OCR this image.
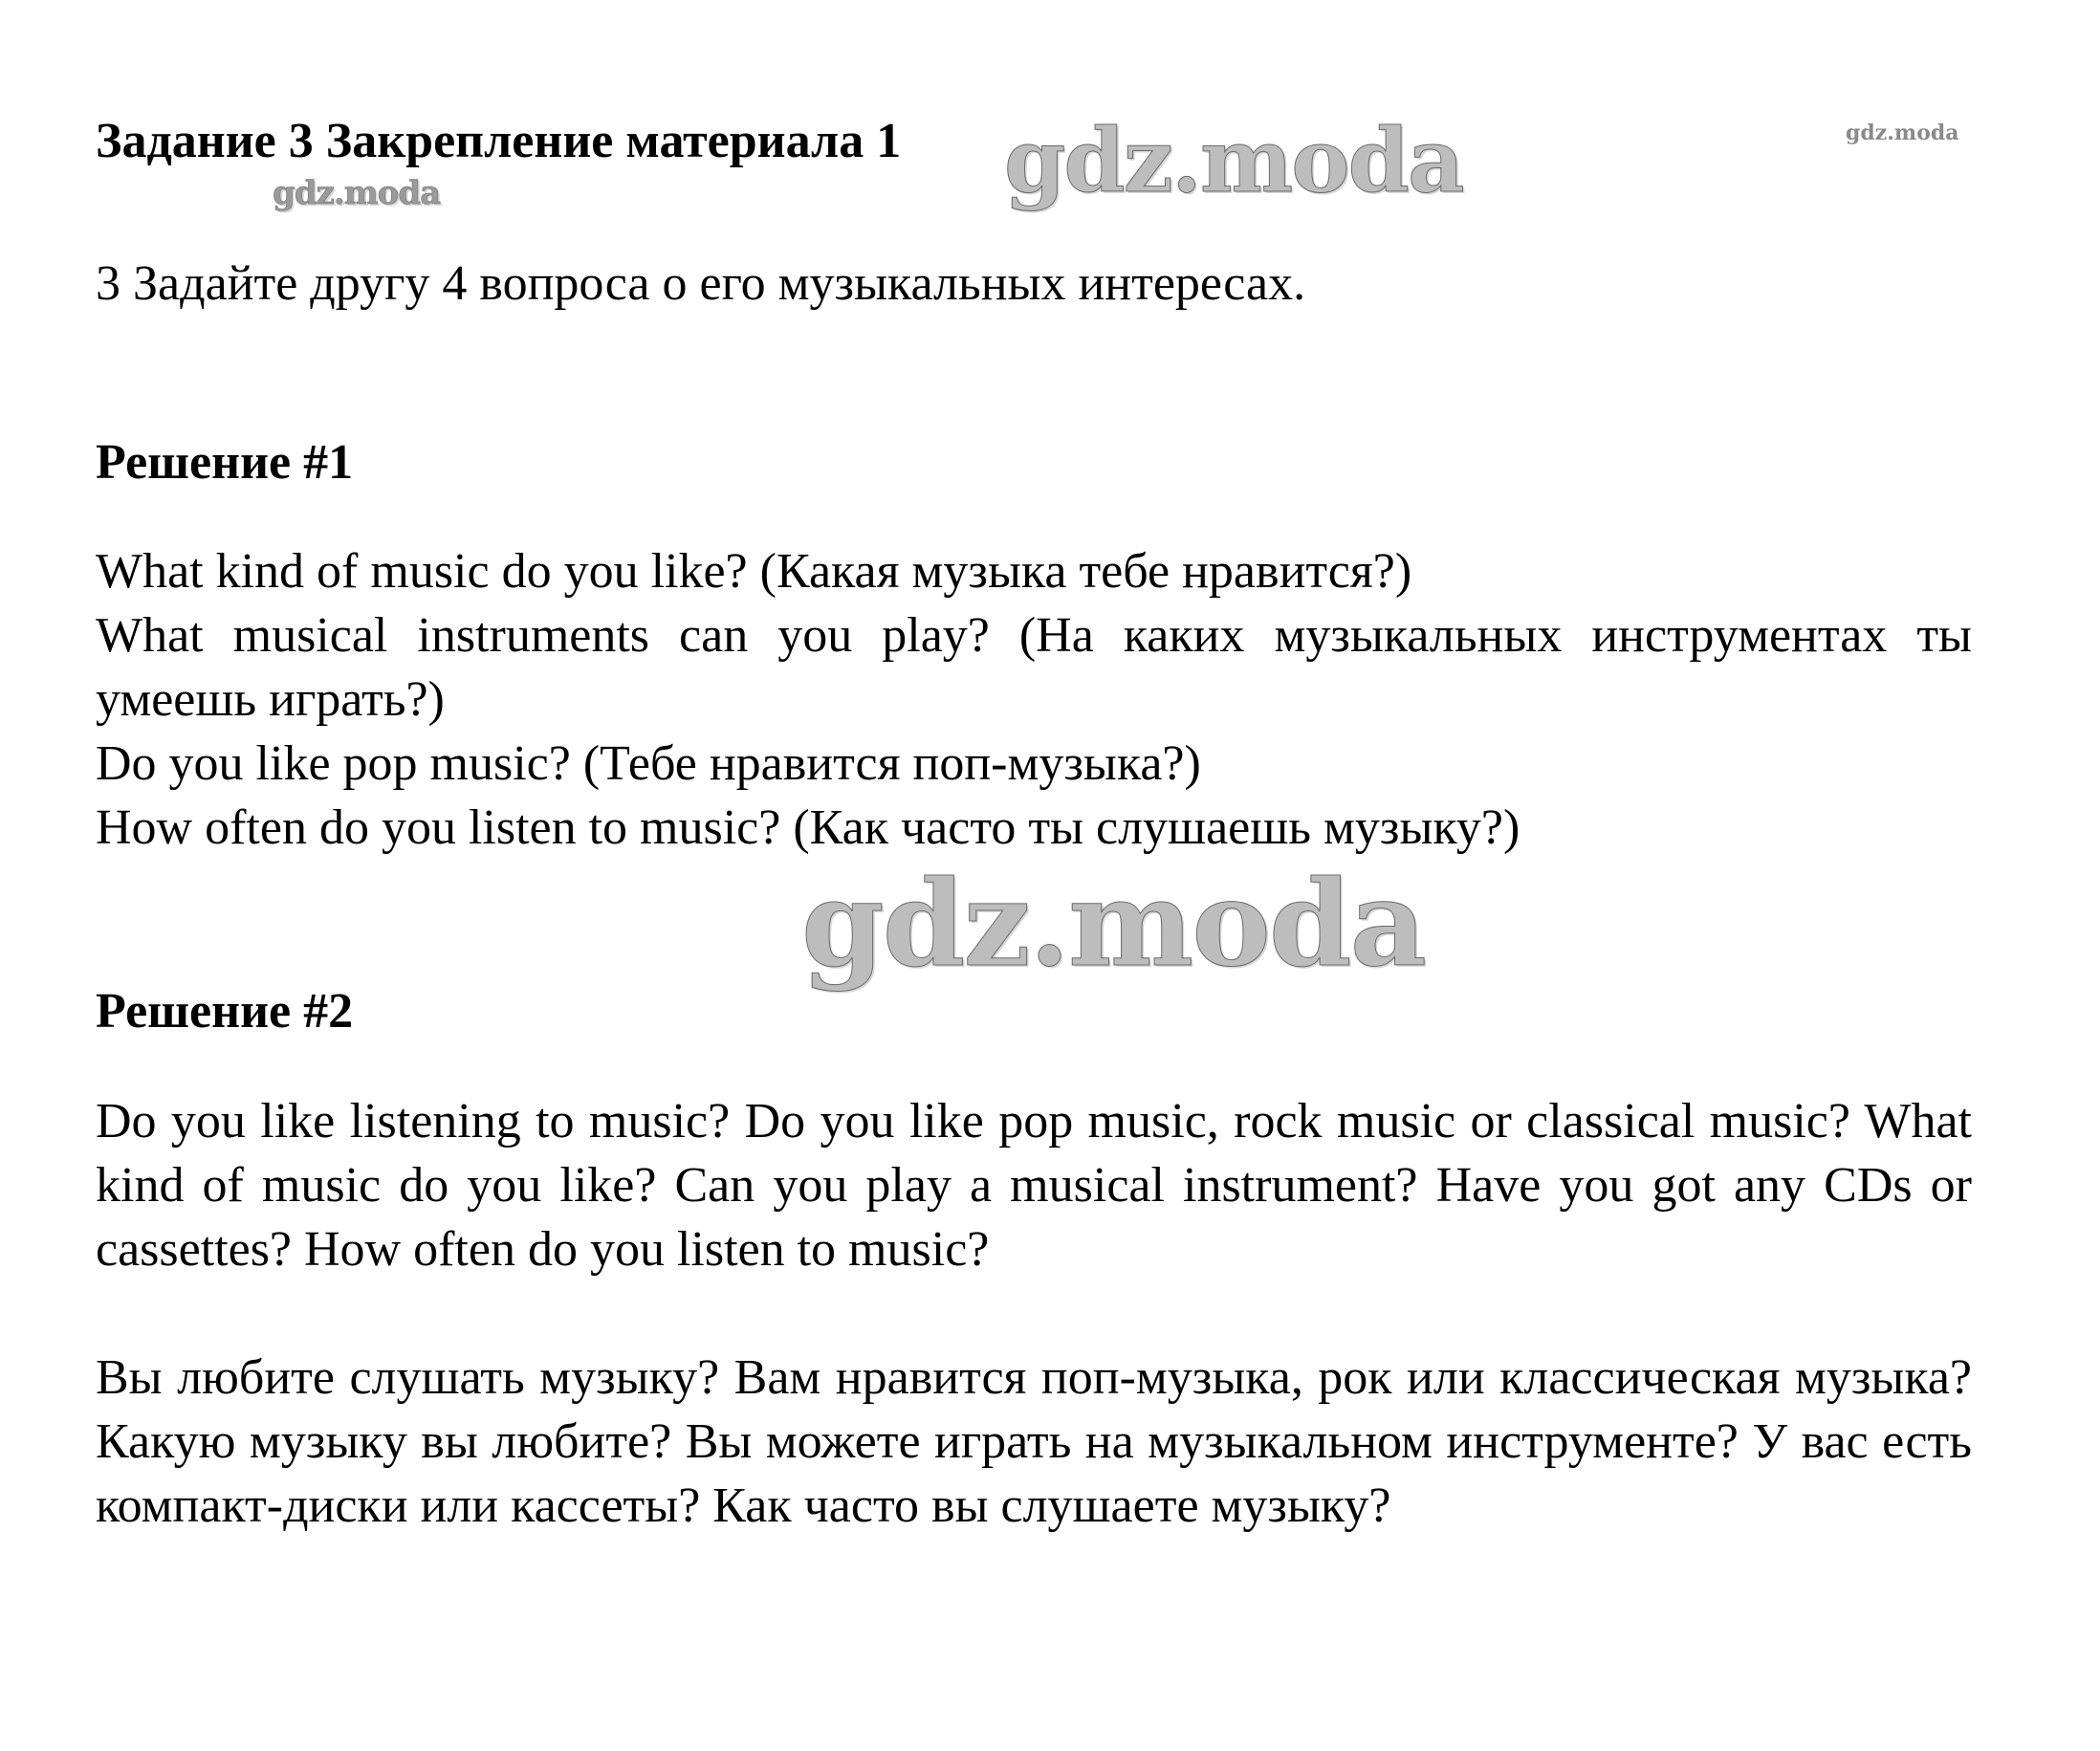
Задание 3 Закрепление материала 1 gdz.moda
gdz.moda
gdz.moda

3 Задайте другу 4 вопроса о его музыкальных интересах.

Решение #1
What kind of music do you like? (Какая музыка тебе нравится?)
What musical instruments can you play? (На каких музыкальных инструментах ты умеешь играть?)
Do you like pop music? (Тебе нравится поп-музыка?)
How often do you listen to music? (Как часто ты слушаешь музыку?)
gdz.moda
Решение #2

Do you like listening to music? Do you like pop music, rock music or classical music? What kind of music do you like? Can you play a musical instrument? Have you got any CDs or cassettes? How often do you listen to music?

Вы любите слушать музыку? Вам нравится поп-музыка, рок или классическая музыка? Какую музыку вы любите? Вы можете играть на музыкальном инструменте? У вас есть компакт-диски или кассеты? Как часто вы слушаете музыку?
